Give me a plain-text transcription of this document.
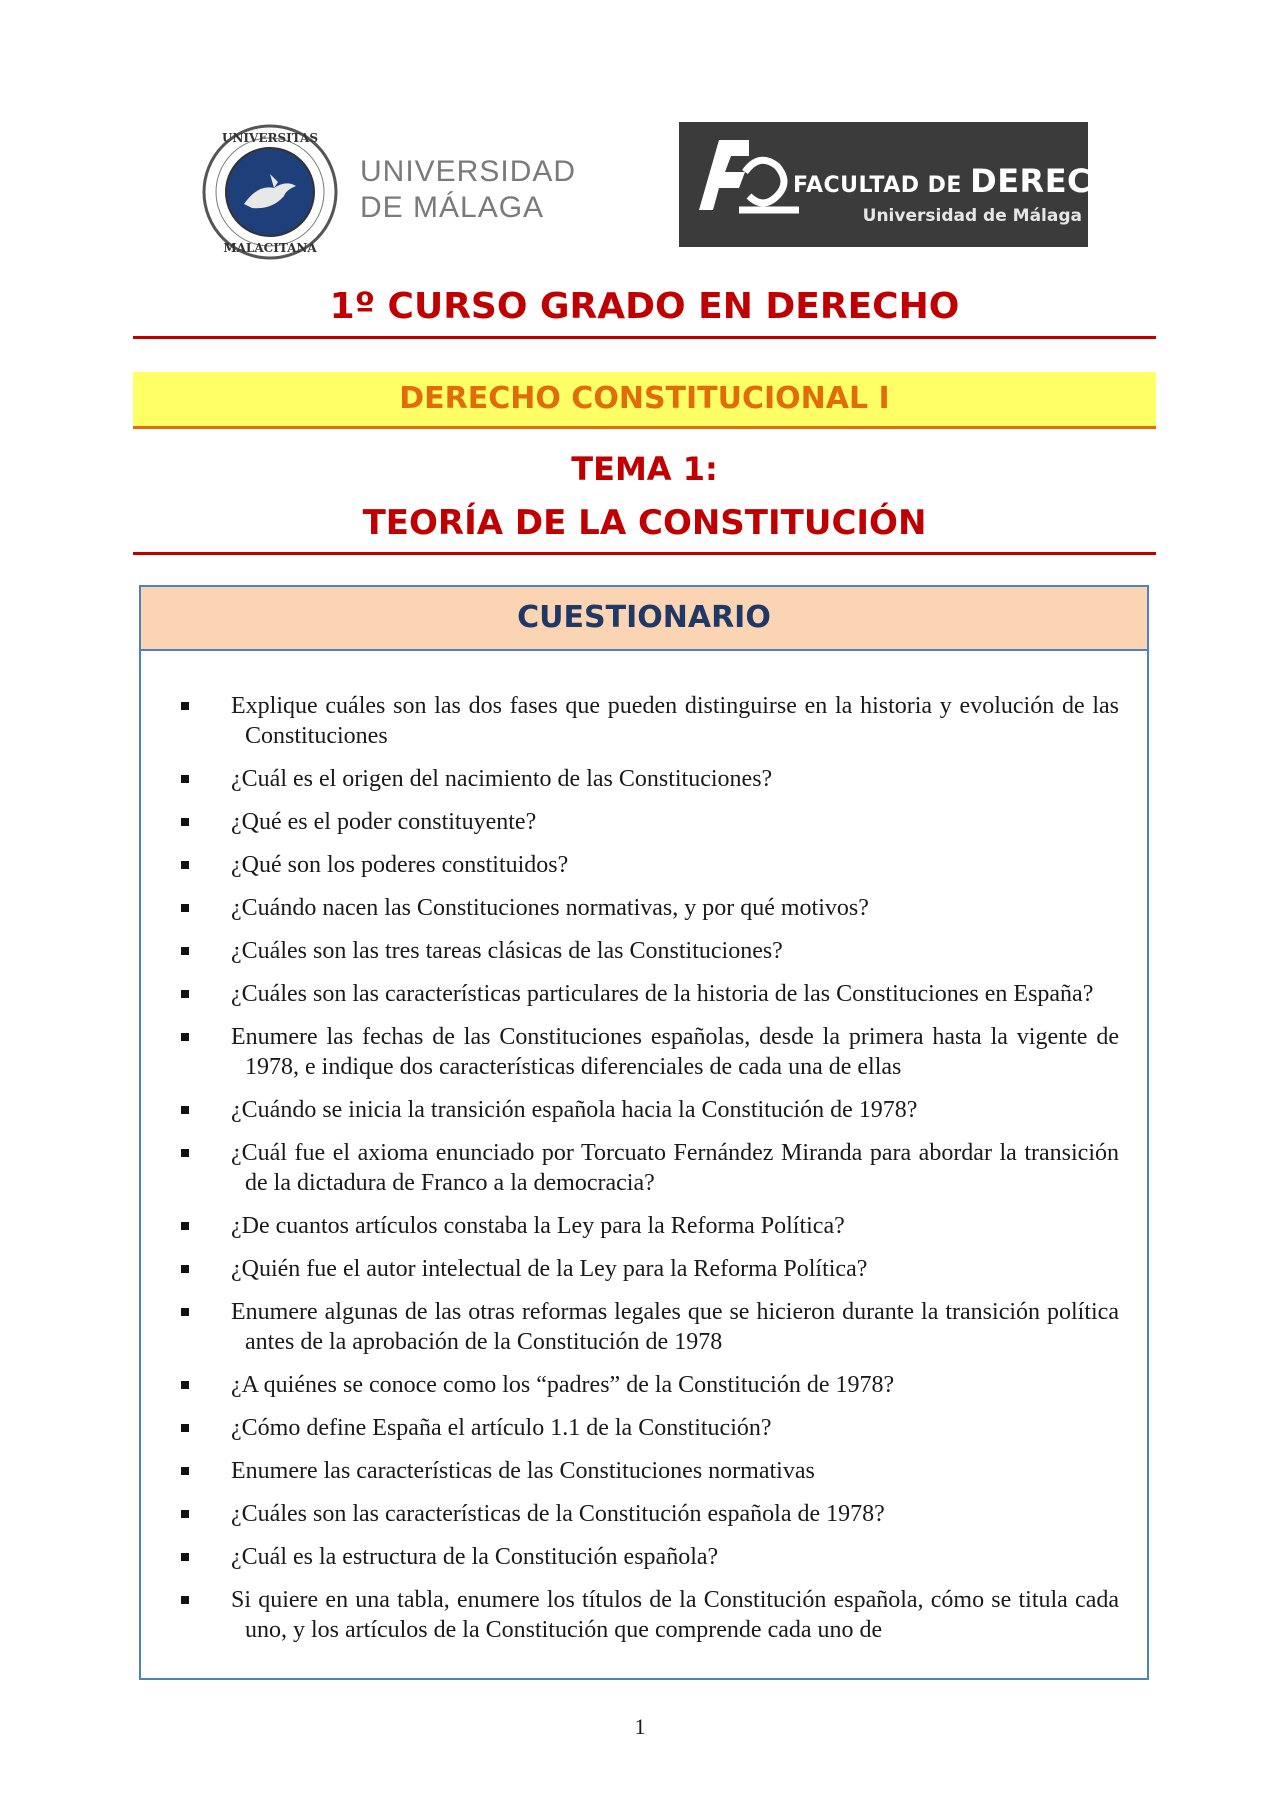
UNIVERSITAS
MALACITANA
UNIVERSIDAD
DE MÁLAGA
FACULTAD DE DERECHO
Universidad de Málaga
1º CURSO GRADO EN DERECHO
DERECHO CONSTITUCIONAL I
TEMA 1:
TEORÍA DE LA CONSTITUCIÓN
CUESTIONARIO
Explique cuáles son las dos fases que pueden distinguirse en la historia y evolución de las Constituciones
¿Cuál es el origen del nacimiento de las Constituciones?
¿Qué es el poder constituyente?
¿Qué son los poderes constituidos?
¿Cuándo nacen las Constituciones normativas, y por qué motivos?
¿Cuáles son las tres tareas clásicas de las Constituciones?
¿Cuáles son las características particulares de la historia de las Constituciones en España?
Enumere las fechas de las Constituciones españolas, desde la primera hasta la vigente de 1978, e indique dos características diferenciales de cada una de ellas
¿Cuándo se inicia la transición española hacia la Constitución de 1978?
¿Cuál fue el axioma enunciado por Torcuato Fernández Miranda para abordar la transición de la dictadura de Franco a la democracia?
¿De cuantos artículos constaba la Ley para la Reforma Política?
¿Quién fue el autor intelectual de la Ley para la Reforma Política?
Enumere algunas de las otras reformas legales que se hicieron durante la transición política antes de la aprobación de la Constitución de 1978
¿A quiénes se conoce como los “padres” de la Constitución de 1978?
¿Cómo define España el artículo 1.1 de la Constitución?
Enumere las características de las Constituciones normativas
¿Cuáles son las características de la Constitución española de 1978?
¿Cuál es la estructura de la Constitución española?
Si quiere en una tabla, enumere los títulos de la Constitución española, cómo se titula cada uno, y los artículos de la Constitución que comprende cada uno de
1
